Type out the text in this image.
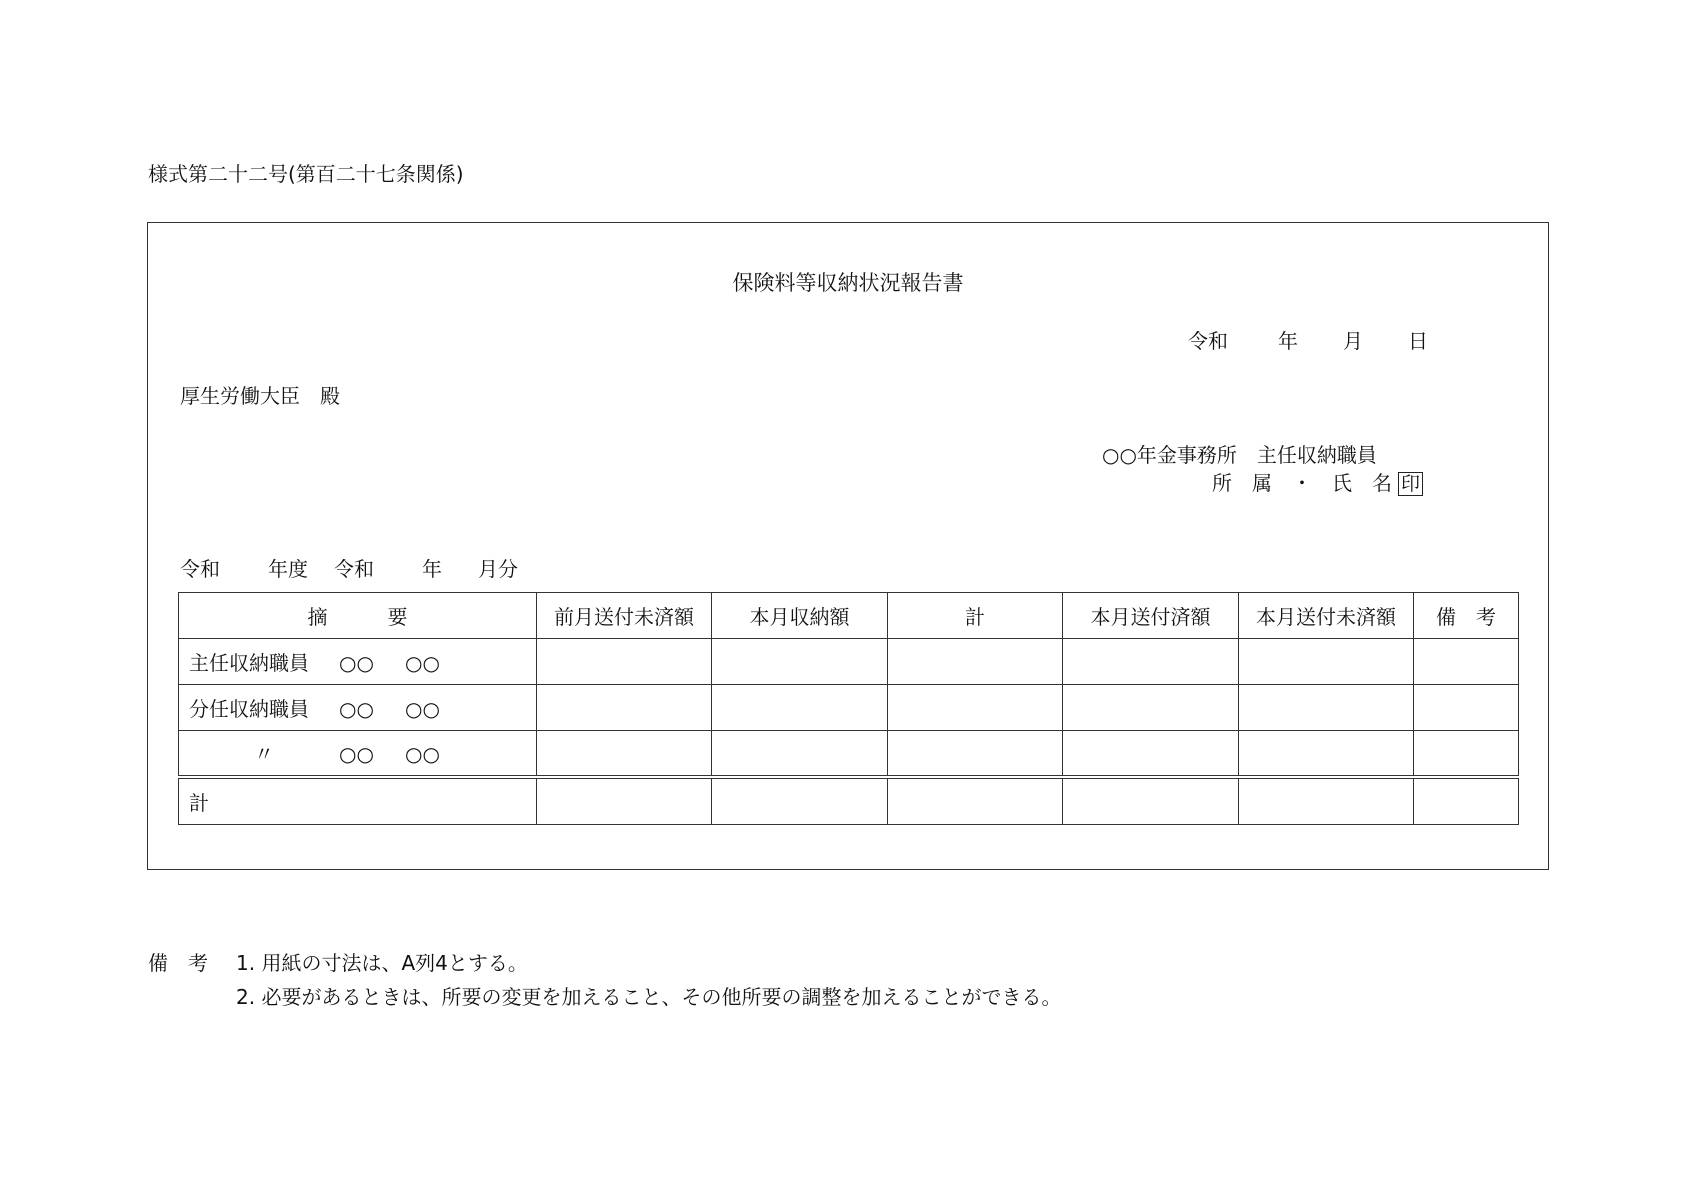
様式第二十二号(第百二十七条関係)
保険料等収納状況報告書
令和	年 月 日
厚生労働大臣　殿
○○年金事務所　主任収納職員
所　属　・　氏　名 印
令和 年度 令和 年 月分
摘　　　要	前月送付未済額	本月収納額	計	本月送付済額	本月送付未済額	備　考
主任収納職員 ○○ ○○						
分任収納職員 ○○ ○○						
〃 ○○ ○○						
計						
備　考 1. 用紙の寸法は、A列4とする。
2. 必要があるときは、所要の変更を加えること、その他所要の調整を加えることができる。
